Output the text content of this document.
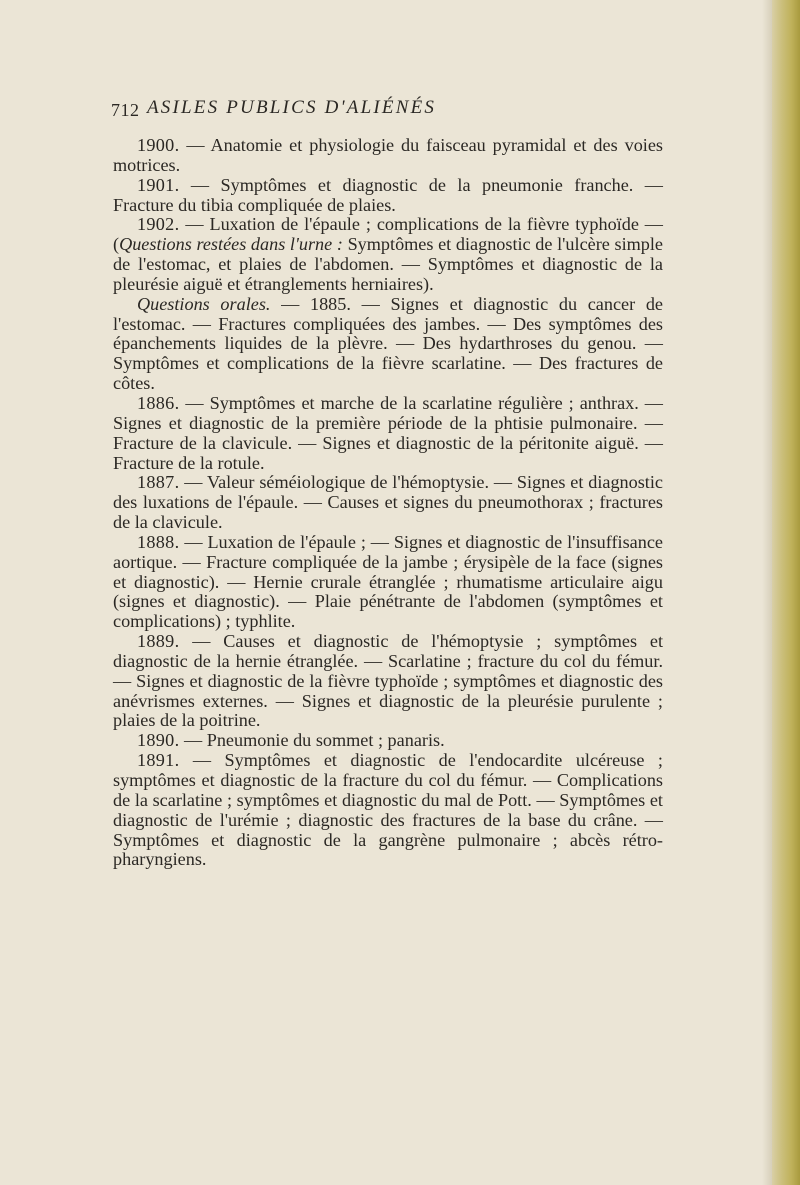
712 ASILES PUBLICS D'ALIÉNÉS

1900. — Anatomie et physiologie du faisceau pyramidal et des voies motrices.

1901. — Symptômes et diagnostic de la pneumonie franche. — Fracture du tibia compliquée de plaies.

1902. — Luxation de l'épaule ; complications de la fièvre typhoïde — (Questions restées dans l'urne : Symptômes et diagnostic de l'ulcère simple de l'estomac, et plaies de l'abdomen. — Symptômes et diagnostic de la pleurésie aiguë et étranglements herniaires).

Questions orales. — 1885. — Signes et diagnostic du cancer de l'estomac. — Fractures compliquées des jambes. — Des symptômes des épanchements liquides de la plèvre. — Des hydarthroses du genou. — Symptômes et complications de la fièvre scarlatine. — Des fractures de côtes.

1886. — Symptômes et marche de la scarlatine régulière ; anthrax. — Signes et diagnostic de la première période de la phtisie pulmonaire. — Fracture de la clavicule. — Signes et diagnostic de la péritonite aiguë. — Fracture de la rotule.

1887. — Valeur séméiologique de l'hémoptysie. — Signes et diagnostic des luxations de l'épaule. — Causes et signes du pneumothorax ; fractures de la clavicule.

1888. — Luxation de l'épaule ; — Signes et diagnostic de l'insuffisance aortique. — Fracture compliquée de la jambe ; érysipèle de la face (signes et diagnostic). — Hernie crurale étranglée ; rhumatisme articulaire aigu (signes et diagnostic). — Plaie pénétrante de l'abdomen (symptômes et complications) ; typhlite.

1889. — Causes et diagnostic de l'hémoptysie ; symptômes et diagnostic de la hernie étranglée. — Scarlatine ; fracture du col du fémur. — Signes et diagnostic de la fièvre typhoïde ; symptômes et diagnostic des anévrismes externes. — Signes et diagnostic de la pleurésie purulente ; plaies de la poitrine.

1890. — Pneumonie du sommet ; panaris.

1891. — Symptômes et diagnostic de l'endocardite ulcéreuse ; symptômes et diagnostic de la fracture du col du fémur. — Complications de la scarlatine ; symptômes et diagnostic du mal de Pott. — Symptômes et diagnostic de l'urémie ; diagnostic des fractures de la base du crâne. — Symptômes et diagnostic de la gangrène pulmonaire ; abcès rétro-pharyngiens.
